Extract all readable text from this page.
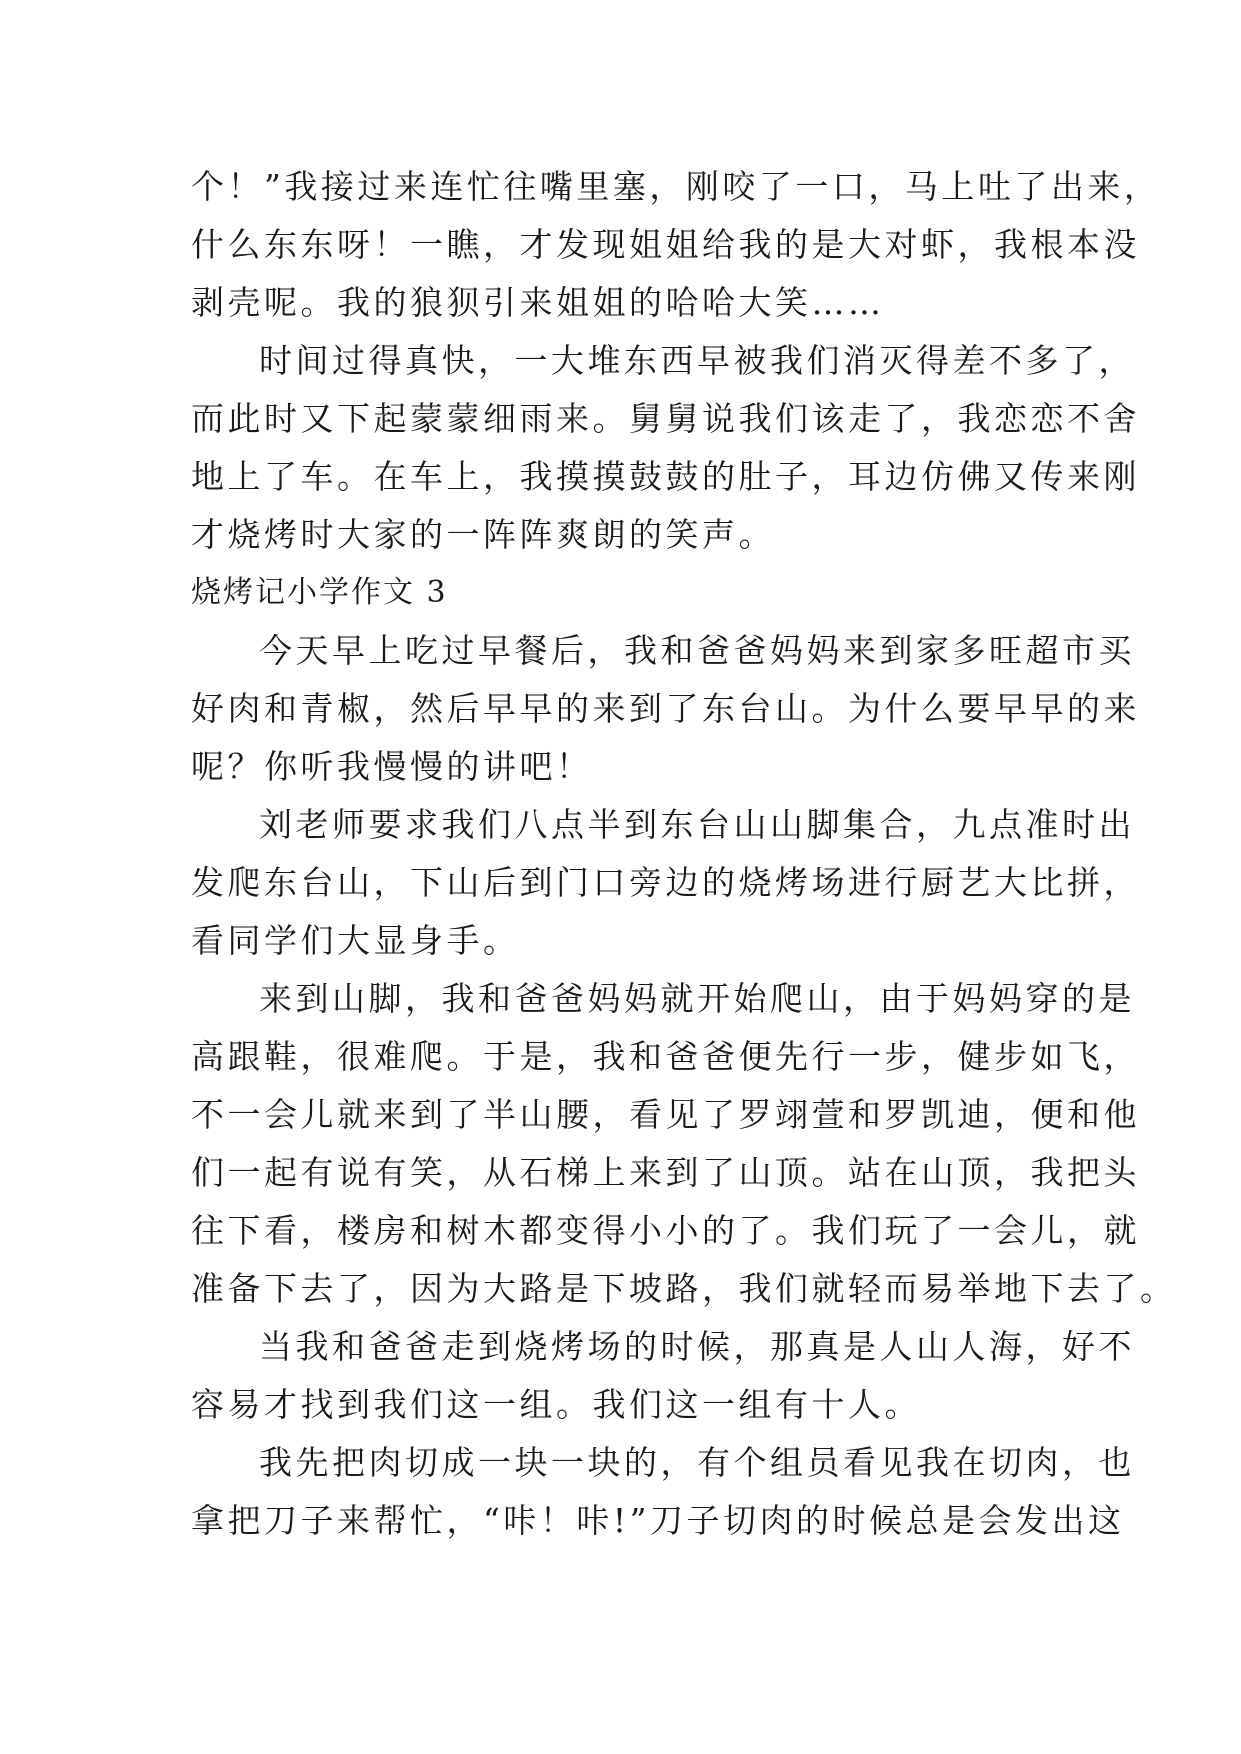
个！”我接过来连忙往嘴里塞，刚咬了一口，马上吐了出来，
什么东东呀！一瞧，才发现姐姐给我的是大对虾，我根本没
剥壳呢。我的狼狈引来姐姐的哈哈大笑……
时间过得真快，一大堆东西早被我们消灭得差不多了，
而此时又下起蒙蒙细雨来。舅舅说我们该走了，我恋恋不舍
地上了车。在车上，我摸摸鼓鼓的肚子，耳边仿佛又传来刚
才烧烤时大家的一阵阵爽朗的笑声。
烧烤记小学作文 3
今天早上吃过早餐后，我和爸爸妈妈来到家多旺超市买
好肉和青椒，然后早早的来到了东台山。为什么要早早的来
呢？你听我慢慢的讲吧！
刘老师要求我们八点半到东台山山脚集合，九点准时出
发爬东台山，下山后到门口旁边的烧烤场进行厨艺大比拼，
看同学们大显身手。
来到山脚，我和爸爸妈妈就开始爬山，由于妈妈穿的是
高跟鞋，很难爬。于是，我和爸爸便先行一步，健步如飞，
不一会儿就来到了半山腰，看见了罗翊萱和罗凯迪，便和他
们一起有说有笑，从石梯上来到了山顶。站在山顶，我把头
往下看，楼房和树木都变得小小的了。我们玩了一会儿，就
准备下去了，因为大路是下坡路，我们就轻而易举地下去了。
当我和爸爸走到烧烤场的时候，那真是人山人海，好不
容易才找到我们这一组。我们这一组有十人。
我先把肉切成一块一块的，有个组员看见我在切肉，也
拿把刀子来帮忙，“咔！咔!”刀子切肉的时候总是会发出这
